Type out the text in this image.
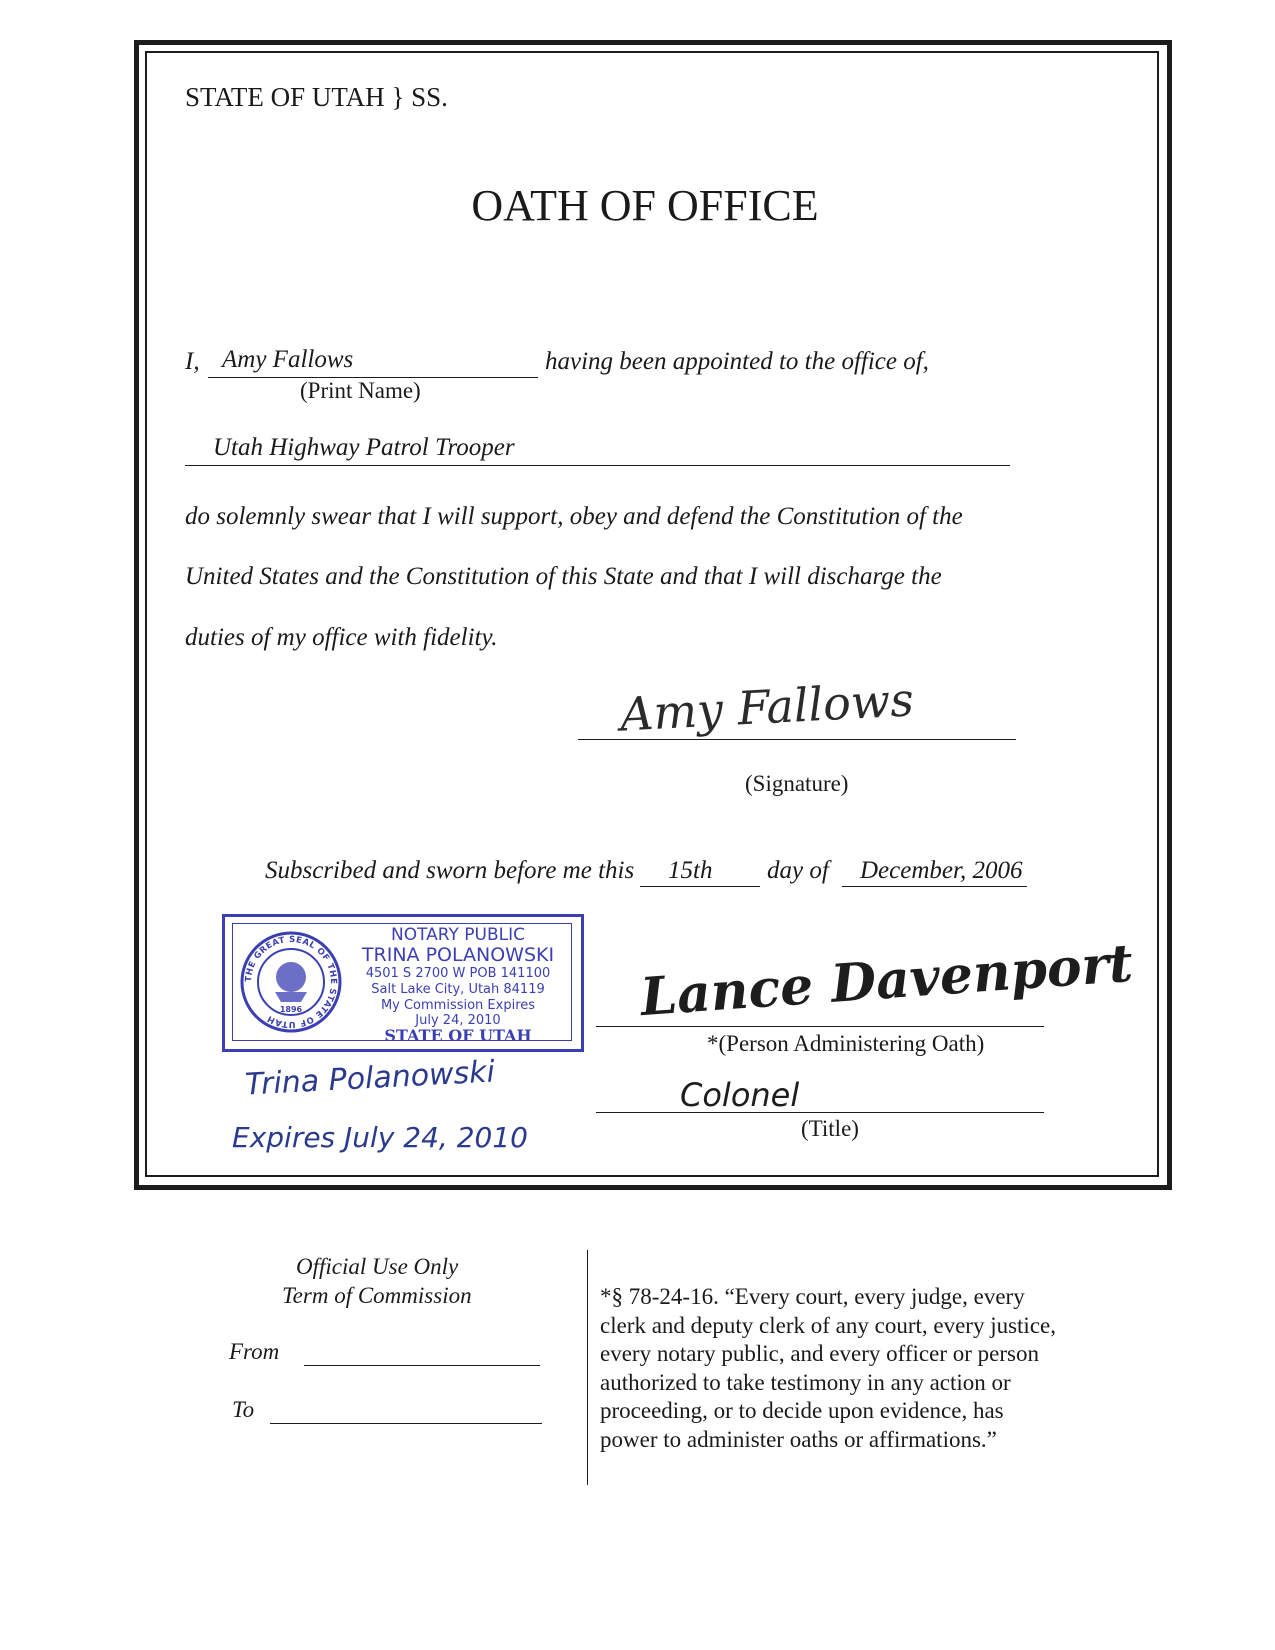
STATE OF UTAH } SS.
OATH OF OFFICE
I, Amy Fallows	having been appointed to the office of,
(Print Name)
Utah Highway Patrol Trooper
do solemnly swear that I will support, obey and defend the Constitution of the
United States and the Constitution of this State and that I will discharge the
duties of my office with fidelity.
Amy Fallows
(Signature)
Subscribed and sworn before me this 15th day of December, 2006
THE GREAT SEAL OF THE STATE OF UTAH
1896
NOTARY PUBLIC
TRINA POLANOWSKI
4501 S 2700 W POB 141100
Salt Lake City, Utah 84119
My Commission Expires
July 24, 2010
STATE OF UTAH
Trina Polanowski
Expires July 24, 2010
Lance Davenport
*(Person Administering Oath)
Colonel
(Title)
Official Use Only
Term of Commission
From
To
*§ 78-24-16. “Every court, every judge, every
clerk and deputy clerk of any court, every justice,
every notary public, and every officer or person
authorized to take testimony in any action or
proceeding, or to decide upon evidence, has
power to administer oaths or affirmations.”
